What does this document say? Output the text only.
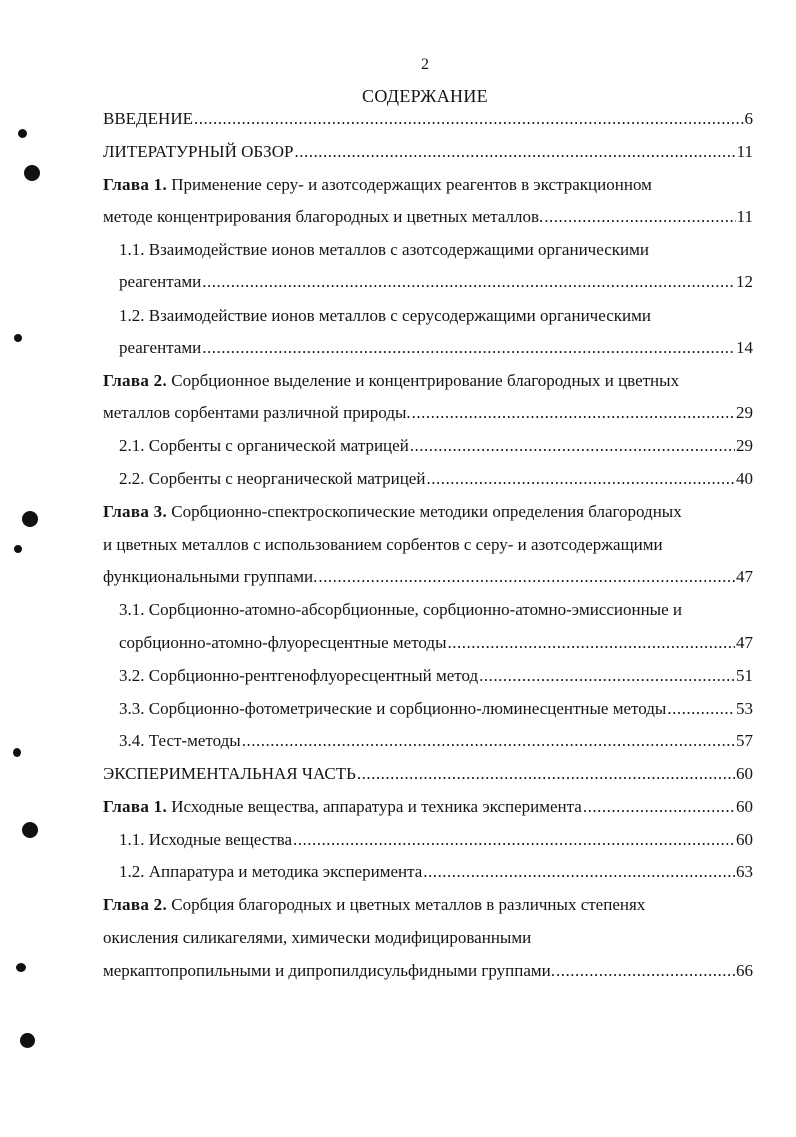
2
СОДЕРЖАНИЕ
ВВЕДЕНИЕ .....	6
ЛИТЕРАТУРНЫЙ ОБЗОР .....	11
Глава 1. Применение серу- и азотсодержащих реагентов в экстракционном
методе концентрирования благородных и цветных металлов. .....	11
1.1. Взаимодействие ионов металлов с азотсодержащими органическими
реагентами .....	12
1.2. Взаимодействие ионов металлов с серусодержащими органическими
реагентами .....	14
Глава 2. Сорбционное выделение и концентрирование благородных и цветных
металлов сорбентами различной природы. .....	29
2.1. Сорбенты с органической матрицей .....	29
2.2. Сорбенты с неорганической матрицей .....	40
Глава 3. Сорбционно-спектроскопические методики определения благородных
и цветных металлов с использованием сорбентов с серу- и азотсодержащими
функциональными группами. .....	47
3.1. Сорбционно-атомно-абсорбционные, сорбционно-атомно-эмиссионные и
сорбционно-атомно-флуоресцентные методы .....	47
3.2. Сорбционно-рентгенофлуоресцентный метод .....	51
3.3. Сорбционно-фотометрические и сорбционно-люминесцентные методы .....	53
3.4. Тест-методы .....	57
ЭКСПЕРИМЕНТАЛЬНАЯ ЧАСТЬ .....	60
Глава 1. Исходные вещества, аппаратура и техника эксперимента .....	60
1.1. Исходные вещества .....	60
1.2. Аппаратура и методика эксперимента .....	63
Глава 2. Сорбция благородных и цветных металлов в различных степенях
окисления силикагелями, химически модифицированными
меркаптопропильными и дипропилдисульфидными группами. .....	66
